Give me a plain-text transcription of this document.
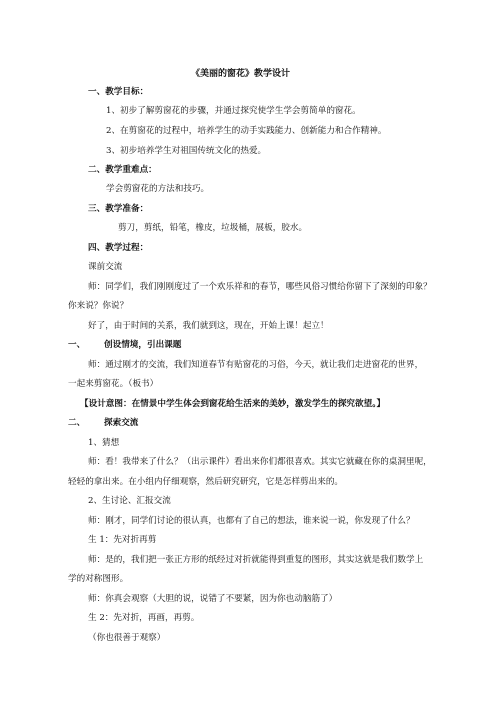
《美丽的窗花》教学设计
一、教学目标：
1、初步了解剪窗花的步骤，并通过探究使学生学会剪简单的窗花。
2、在剪窗花的过程中，培养学生的动手实践能力、创新能力和合作精神。
3、初步培养学生对祖国传统文化的热爱。
二、教学重难点：
学会剪窗花的方法和技巧。
三、教学准备：
剪刀，剪纸，铅笔，橡皮，垃圾桶，展板，胶水。
四、教学过程：
课前交流
师：同学们，我们刚刚度过了一个欢乐祥和的春节，哪些风俗习惯给你留下了深刻的印象？
你来说？你说？
好了，由于时间的关系，我们就到这，现在，开始上课！起立！
一、 创设情境，引出课题
师：通过刚才的交流，我们知道春节有贴窗花的习俗，今天，就让我们走进窗花的世界，
一起来剪窗花。（板书）
【设计意图：在情景中学生体会到窗花给生活来的美妙，激发学生的探究欲望。】
二、 探索交流
1、猜想
师：看！我带来了什么？（出示课件）看出来你们都很喜欢。其实它就藏在你的桌洞里呢，
轻轻的拿出来。在小组内仔细观察，然后研究研究，它是怎样剪出来的。
2、生讨论、汇报交流
师：刚才，同学们讨论的很认真，也都有了自己的想法，谁来说一说，你发现了什么？
生 1：先对折再剪
师：是的，我们把一张正方形的纸经过对折就能得到重复的图形，其实这就是我们数学上
学的对称图形。
师：你真会观察（大胆的说，说错了不要紧，因为你也动脑筋了）
生 2：先对折，再画，再剪。
（你也很善于观察）
